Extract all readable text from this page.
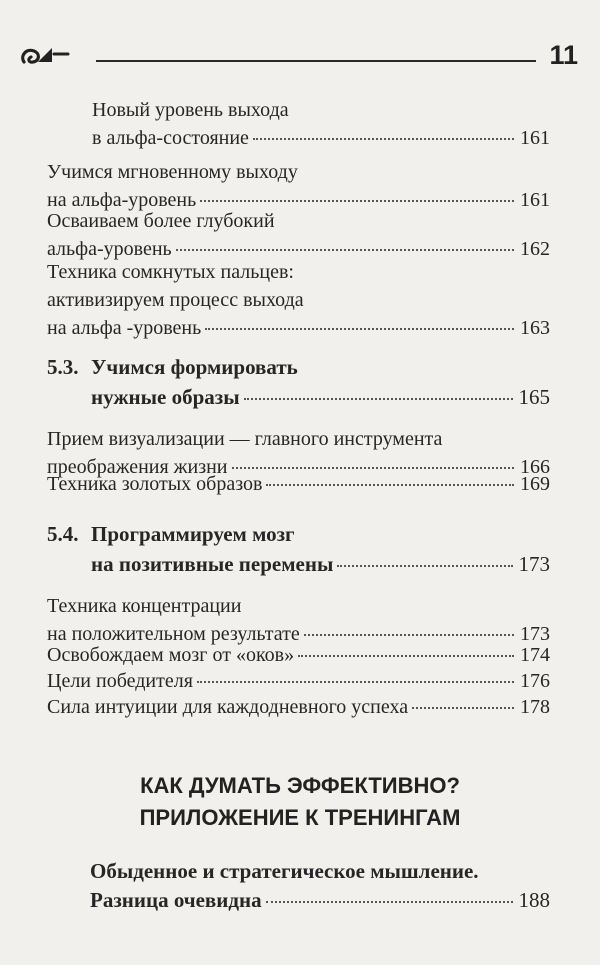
11
Новый уровень выхода
в альфа-состояние	161
Учимся мгновенному выходу
на альфа-уровень	161
Осваиваем более глубокий
альфа-уровень	162
Техника сомкнутых пальцев:
активизируем процесс выхода
на альфа -уровень	163
5.3. Учимся формировать
нужные образы	165
Прием визуализации — главного инструмента
преображения жизни	166
Техника золотых образов	169
5.4. Программируем мозг
на позитивные перемены	173
Техника концентрации
на положительном результате	173
Освобождаем мозг от «оков»	174
Цели победителя	176
Сила интуиции для каждодневного успеха	178
КАК ДУМАТЬ ЭФФЕКТИВНО?
ПРИЛОЖЕНИЕ К ТРЕНИНГАМ
Обыденное и стратегическое мышление.
Разница очевидна	188
